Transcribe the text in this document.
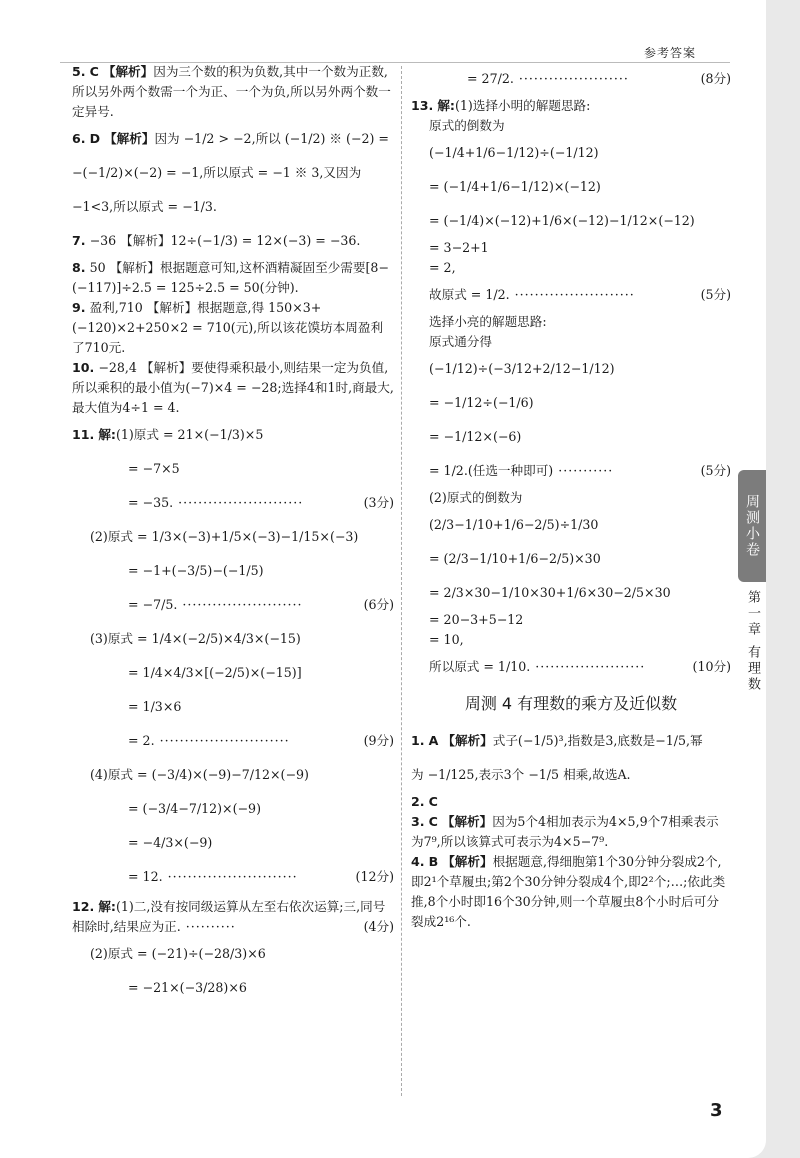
参考答案

5. C 【解析】因为三个数的积为负数,其中一个数为正数,所以另外两个数需一个为正、一个为负,所以另外两个数一定异号.

6. D 【解析】因为 −1/2 > −2,所以 (−1/2) ※ (−2) =
−(−1/2)×(−2) = −1,所以原式 = −1 ※ 3,又因为
−1<3,所以原式 = −1/3.

7. −36 【解析】12÷(−1/3) = 12×(−3) = −36.

8. 50 【解析】根据题意可知,这杯酒精凝固至少需要[8−(−117)]÷2.5 = 125÷2.5 = 50(分钟).

9. 盈利,710 【解析】根据题意,得 150×3+(−120)×2+250×2 = 710(元),所以该花馍坊本周盈利了710元.

10. −28,4 【解析】要使得乘积最小,则结果一定为负值,所以乘积的最小值为(−7)×4 = −28;选择4和1时,商最大,最大值为4÷1 = 4.

11. 解:(1)原式 = 21×(−1/3)×5
= −7×5
= −35. ·························	(3分)
(2)原式 = 1/3×(−3)+1/5×(−3)−1/15×(−3)
= −1+(−3/5)−(−1/5)
= −7/5. ························	(6分)
(3)原式 = 1/4×(−2/5)×4/3×(−15)
= 1/4×4/3×[(−2/5)×(−15)]
= 1/3×6
= 2. ··························	(9分)
(4)原式 = (−3/4)×(−9)−7/12×(−9)
= (−3/4−7/12)×(−9)
= −4/3×(−9)
= 12. ··························	(12分)
12. 解:(1)二,没有按同级运算从左至右依次运算;三,同号相除时,结果应为正. ··········	(4分)
(2)原式 = (−21)÷(−28/3)×6
= −21×(−3/28)×6
= 27/2. ······················	(8分)
13. 解:(1)选择小明的解题思路:
原式的倒数为
(−1/4+1/6−1/12)÷(−1/12)
= (−1/4+1/6−1/12)×(−12)
= (−1/4)×(−12)+1/6×(−12)−1/12×(−12)
= 3−2+1
= 2,
故原式 = 1/2. ························	(5分)
选择小亮的解题思路:
原式通分得
(−1/12)÷(−3/12+2/12−1/12)
= −1/12÷(−1/6)
= −1/12×(−6)
= 1/2.(任选一种即可) ···········	(5分)
(2)原式的倒数为
(2/3−1/10+1/6−2/5)÷1/30
= (2/3−1/10+1/6−2/5)×30
= 2/3×30−1/10×30+1/6×30−2/5×30
= 20−3+5−12
= 10,
所以原式 = 1/10. ······················	(10分)
周测 4 有理数的乘方及近似数

1. A 【解析】式子(−1/5)³,指数是3,底数是−1/5,幂
为 −1/125,表示3个 −1/5 相乘,故选A.

2. C

3. C 【解析】因为5个4相加表示为4×5,9个7相乘表示为7⁹,所以该算式可表示为4×5−7⁹.

4. B 【解析】根据题意,得细胞第1个30分钟分裂成2个,即2¹个草履虫;第2个30分钟分裂成4个,即2²个;…;依此类推,8个小时即16个30分钟,则一个草履虫8个小时后可分裂成2¹⁶个.

3
周测小卷
第一章 有理数
